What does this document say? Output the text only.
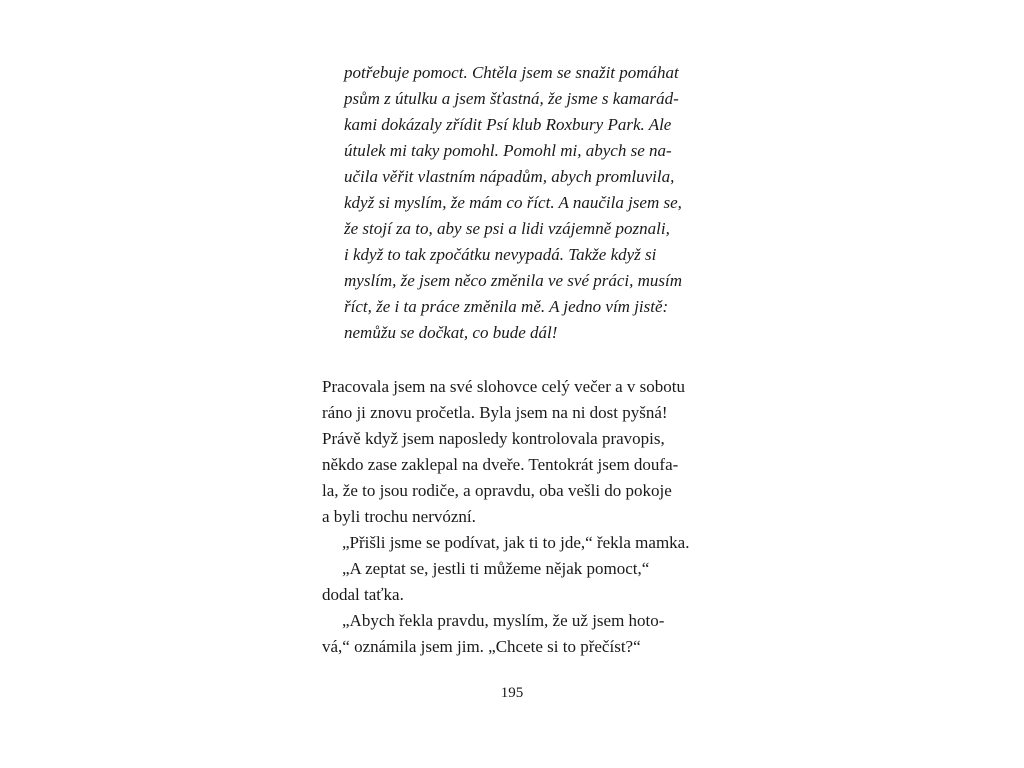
potřebuje pomoct. Chtěla jsem se snažit pomáhat
psům z útulku a jsem šťastná, že jsme s kamarád-
kami dokázaly zřídit Psí klub Roxbury Park. Ale
útulek mi taky pomohl. Pomohl mi, abych se na-
učila věřit vlastním nápadům, abych promluvila,
když si myslím, že mám co říct. A naučila jsem se,
že stojí za to, aby se psi a lidi vzájemně poznali,
i když to tak zpočátku nevypadá. Takže když si
myslím, že jsem něco změnila ve své práci, musím
říct, že i ta práce změnila mě. A jedno vím jistě:
nemůžu se dočkat, co bude dál!
Pracovala jsem na své slohovce celý večer a v sobotu
ráno ji znovu pročetla. Byla jsem na ni dost pyšná!
Právě když jsem naposledy kontrolovala pravopis,
někdo zase zaklepal na dveře. Tentokrát jsem doufa-
la, že to jsou rodiče, a opravdu, oba vešli do pokoje
a byli trochu nervózní.
„Přišli jsme se podívat, jak ti to jde,“ řekla mamka.
„A zeptat se, jestli ti můžeme nějak pomoct,“
dodal taťka.
„Abych řekla pravdu, myslím, že už jsem hoto-
vá,“ oznámila jsem jim. „Chcete si to přečíst?“
195
